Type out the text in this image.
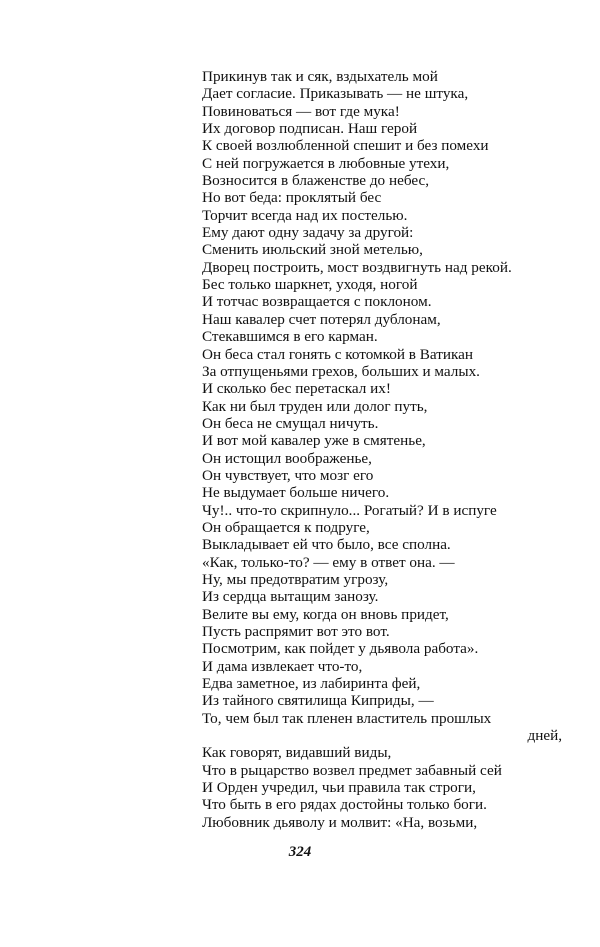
Прикинув так и сяк, вздыхатель мой
Дает согласие. Приказывать — не штука,
Повиноваться — вот где мука!
Их договор подписан. Наш герой
К своей возлюбленной спешит и без помехи
С ней погружается в любовные утехи,
Возносится в блаженстве до небес,
Но вот беда: проклятый бес
Торчит всегда над их постелью.
Ему дают одну задачу за другой:
Сменить июльский зной метелью,
Дворец построить, мост воздвигнуть над рекой.
Бес только шаркнет, уходя, ногой
И тотчас возвращается с поклоном.
Наш кавалер счет потерял дублонам,
Стекавшимся в его карман.
Он беса стал гонять с котомкой в Ватикан
За отпущеньями грехов, больших и малых.
И сколько бес перетаскал их!
Как ни был труден или долог путь,
Он беса не смущал ничуть.
И вот мой кавалер уже в смятенье,
Он истощил воображенье,
Он чувствует, что мозг его
Не выдумает больше ничего.
Чу!.. что-то скрипнуло... Рогатый? И в испуге
Он обращается к подруге,
Выкладывает ей что было, все сполна.
«Как, только-то? — ему в ответ она. —
Ну, мы предотвратим угрозу,
Из сердца вытащим занозу.
Велите вы ему, когда он вновь придет,
Пусть распрямит вот это вот.
Посмотрим, как пойдет у дьявола работа».
И дама извлекает что-то,
Едва заметное, из лабиринта фей,
Из тайного святилища Киприды, —
То, чем был так пленен властитель прошлых
дней,
Как говорят, видавший виды,
Что в рыцарство возвел предмет забавный сей
И Орден учредил, чьи правила так строги,
Что быть в его рядах достойны только боги.
Любовник дьяволу и молвит: «На, возьми,
324
